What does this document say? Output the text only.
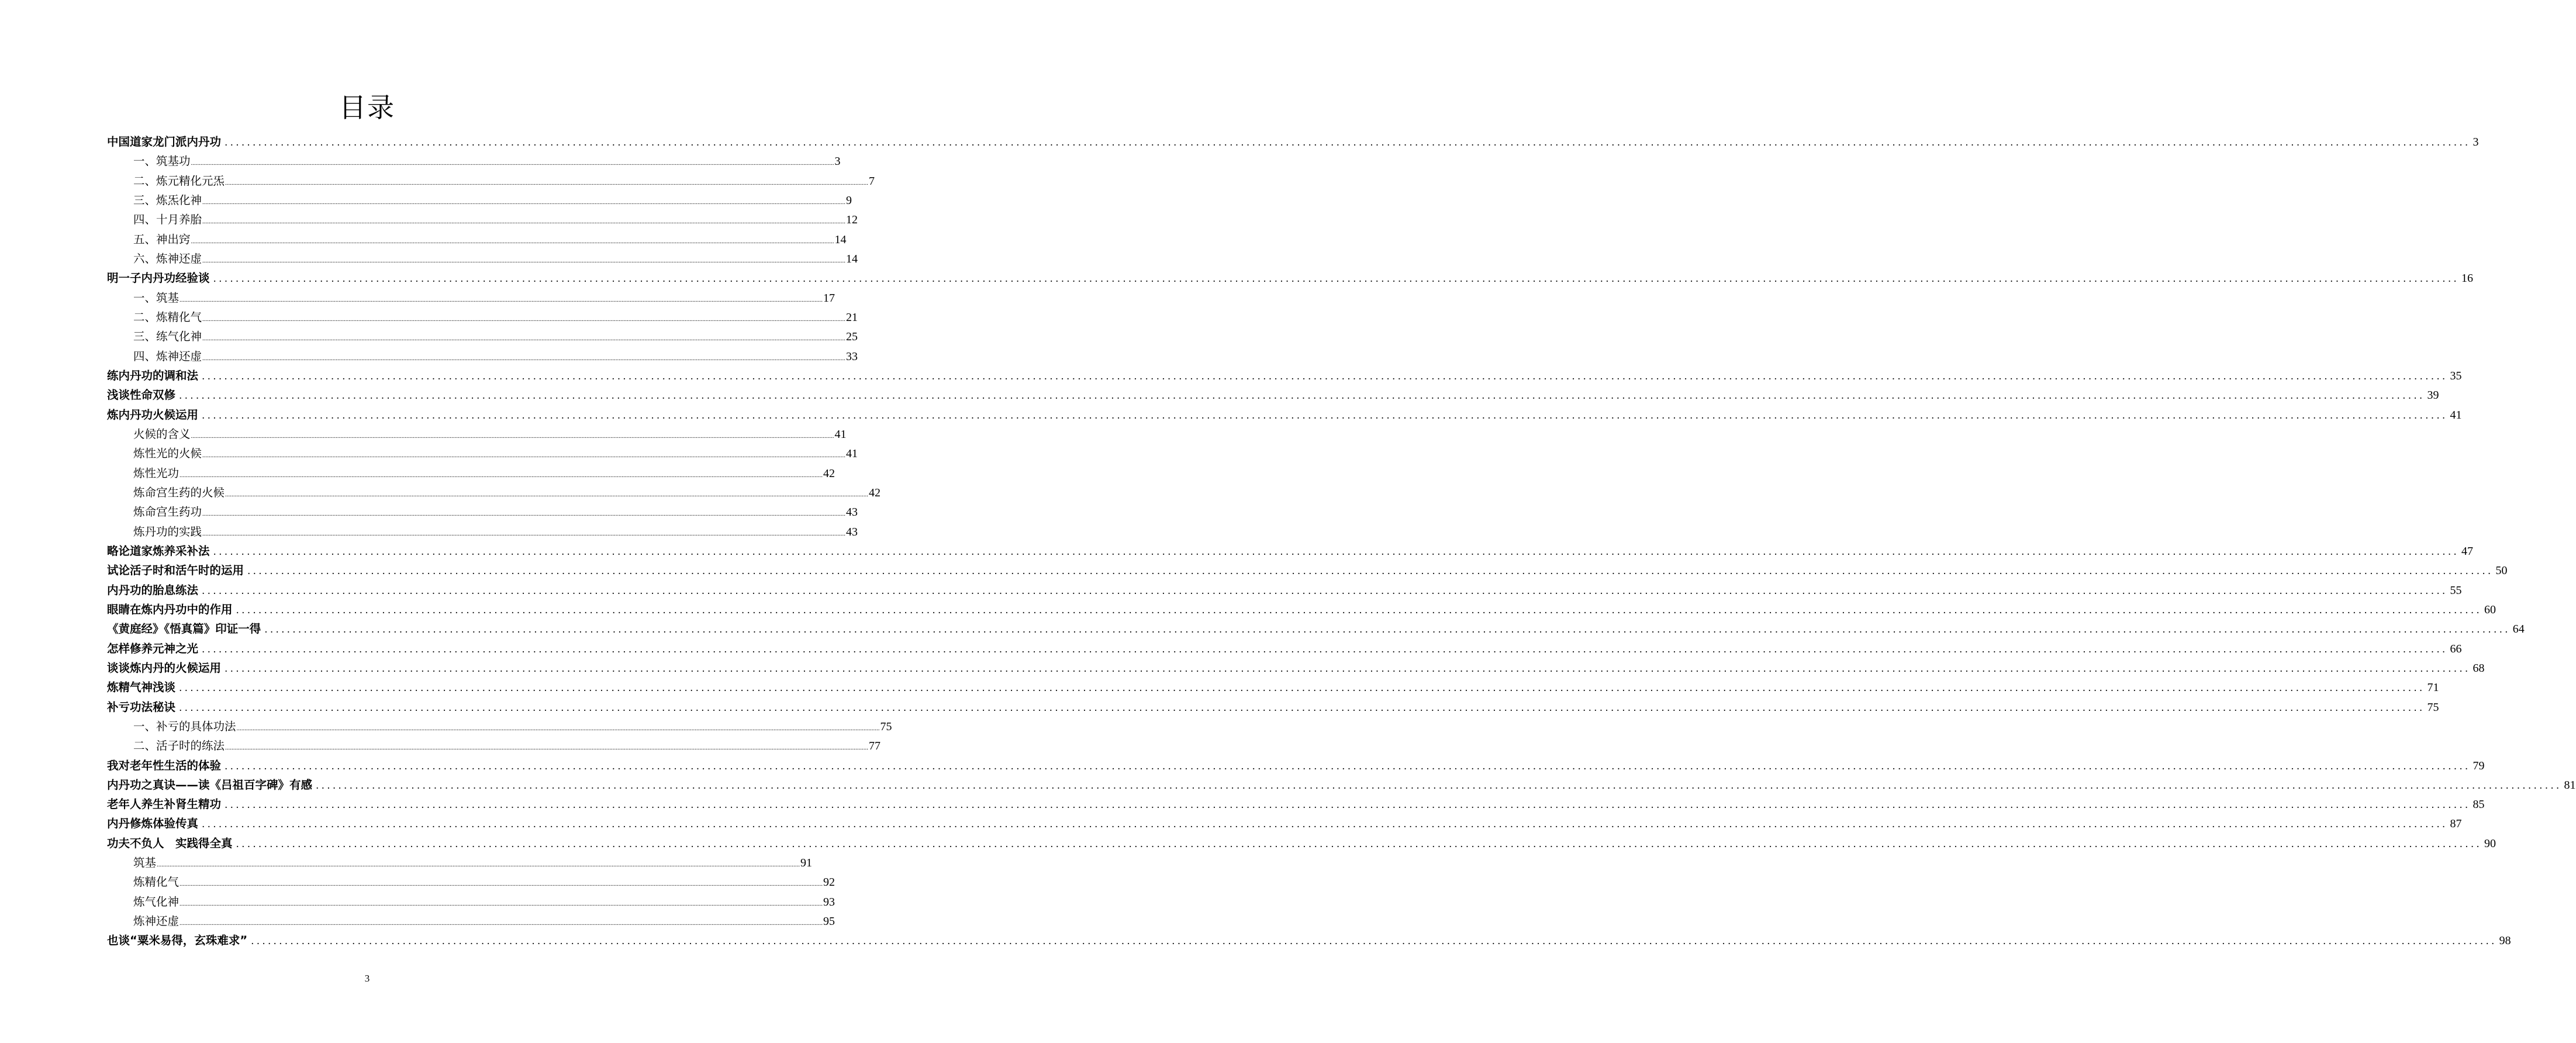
目录
中国道家龙门派内丹功 ................................................................................................................................................................................................................................................................................................................................................................................................................ 3
一、筑基功 ................................................................................................................................................................................................................................................................................................................................................................................................................ 3
二、炼元精化元炁 ................................................................................................................................................................................................................................................................................................................................................................................................................ 7
三、炼炁化神 ................................................................................................................................................................................................................................................................................................................................................................................................................ 9
四、十月养胎 ................................................................................................................................................................................................................................................................................................................................................................................................................ 12
五、神出窍 ................................................................................................................................................................................................................................................................................................................................................................................................................ 14
六、炼神还虚 ................................................................................................................................................................................................................................................................................................................................................................................................................ 14
明一子内丹功经验谈 ................................................................................................................................................................................................................................................................................................................................................................................................................ 16
一、筑基 ................................................................................................................................................................................................................................................................................................................................................................................................................ 17
二、炼精化气 ................................................................................................................................................................................................................................................................................................................................................................................................................ 21
三、练气化神 ................................................................................................................................................................................................................................................................................................................................................................................................................ 25
四、炼神还虚 ................................................................................................................................................................................................................................................................................................................................................................................................................ 33
练内丹功的调和法 ................................................................................................................................................................................................................................................................................................................................................................................................................ 35
浅谈性命双修 ................................................................................................................................................................................................................................................................................................................................................................................................................ 39
炼内丹功火候运用 ................................................................................................................................................................................................................................................................................................................................................................................................................ 41
火候的含义 ................................................................................................................................................................................................................................................................................................................................................................................................................ 41
炼性光的火候 ................................................................................................................................................................................................................................................................................................................................................................................................................ 41
炼性光功 ................................................................................................................................................................................................................................................................................................................................................................................................................ 42
炼命宫生药的火候 ................................................................................................................................................................................................................................................................................................................................................................................................................ 42
炼命宫生药功 ................................................................................................................................................................................................................................................................................................................................................................................................................ 43
炼丹功的实践 ................................................................................................................................................................................................................................................................................................................................................................................................................ 43
略论道家炼养采补法 ................................................................................................................................................................................................................................................................................................................................................................................................................ 47
试论活子时和活午时的运用 ................................................................................................................................................................................................................................................................................................................................................................................................................ 50
内丹功的胎息练法 ................................................................................................................................................................................................................................................................................................................................................................................................................ 55
眼睛在炼内丹功中的作用 ................................................................................................................................................................................................................................................................................................................................................................................................................ 60
《黄庭经》《悟真篇》印证一得 ................................................................................................................................................................................................................................................................................................................................................................................................................ 64
怎样修养元神之光 ................................................................................................................................................................................................................................................................................................................................................................................................................ 66
谈谈炼内丹的火候运用 ................................................................................................................................................................................................................................................................................................................................................................................................................ 68
炼精气神浅谈 ................................................................................................................................................................................................................................................................................................................................................................................................................ 71
补亏功法秘诀 ................................................................................................................................................................................................................................................................................................................................................................................................................ 75
一、补亏的具体功法 ................................................................................................................................................................................................................................................................................................................................................................................................................ 75
二、活子时的练法 ................................................................................................................................................................................................................................................................................................................................................................................................................ 77
我对老年性生活的体验 ................................................................................................................................................................................................................................................................................................................................................................................................................ 79
内丹功之真诀——读《吕祖百字碑》有感 ................................................................................................................................................................................................................................................................................................................................................................................................................ 81
老年人养生补肾生精功 ................................................................................................................................................................................................................................................................................................................................................................................................................ 85
内丹修炼体验传真 ................................................................................................................................................................................................................................................................................................................................................................................................................ 87
功夫不负人　实践得全真 ................................................................................................................................................................................................................................................................................................................................................................................................................ 90
筑基 ................................................................................................................................................................................................................................................................................................................................................................................................................ 91
炼精化气 ................................................................................................................................................................................................................................................................................................................................................................................................................ 92
炼气化神 ................................................................................................................................................................................................................................................................................................................................................................................................................ 93
炼神还虚 ................................................................................................................................................................................................................................................................................................................................................................................................................ 95
也谈“粟米易得，玄珠难求” ................................................................................................................................................................................................................................................................................................................................................................................................................ 98
3
